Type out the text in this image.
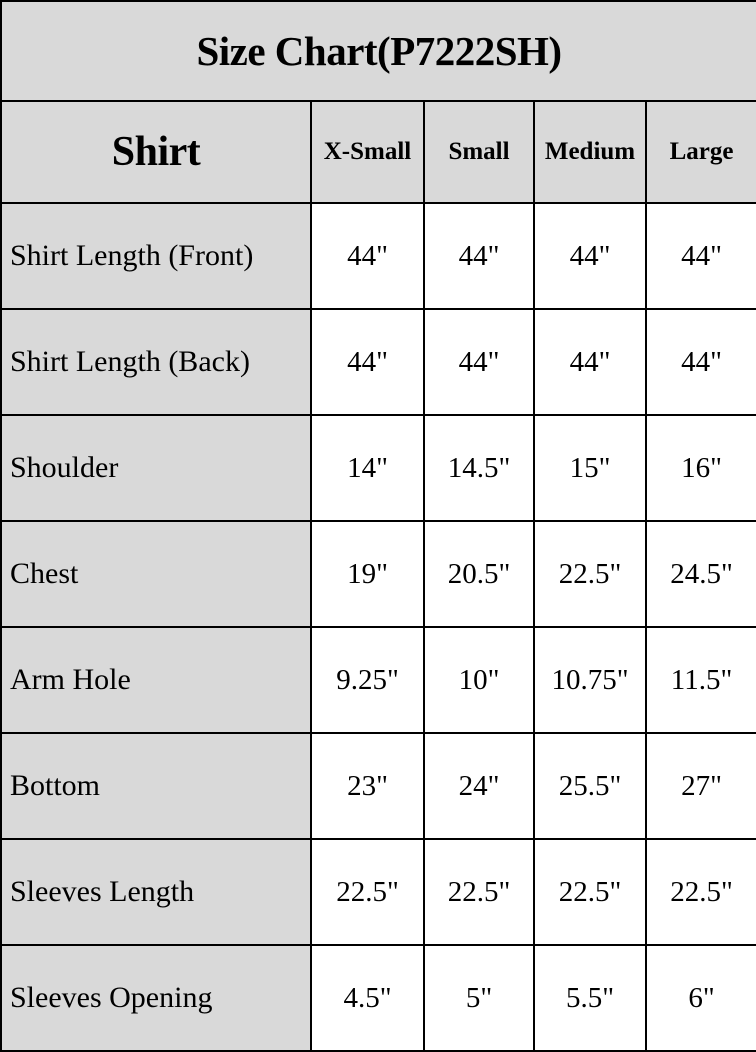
Size Chart(P7222SH)				
Shirt	X-Small	Small	Medium	Large
Shirt Length (Front)	44"	44"	44"	44"
Shirt Length (Back)	44"	44"	44"	44"
Shoulder	14"	14.5"	15"	16"
Chest	19"	20.5"	22.5"	24.5"
Arm Hole	9.25"	10"	10.75"	11.5"
Bottom	23"	24"	25.5"	27"
Sleeves Length	22.5"	22.5"	22.5"	22.5"
Sleeves Opening	4.5"	5"	5.5"	6"
